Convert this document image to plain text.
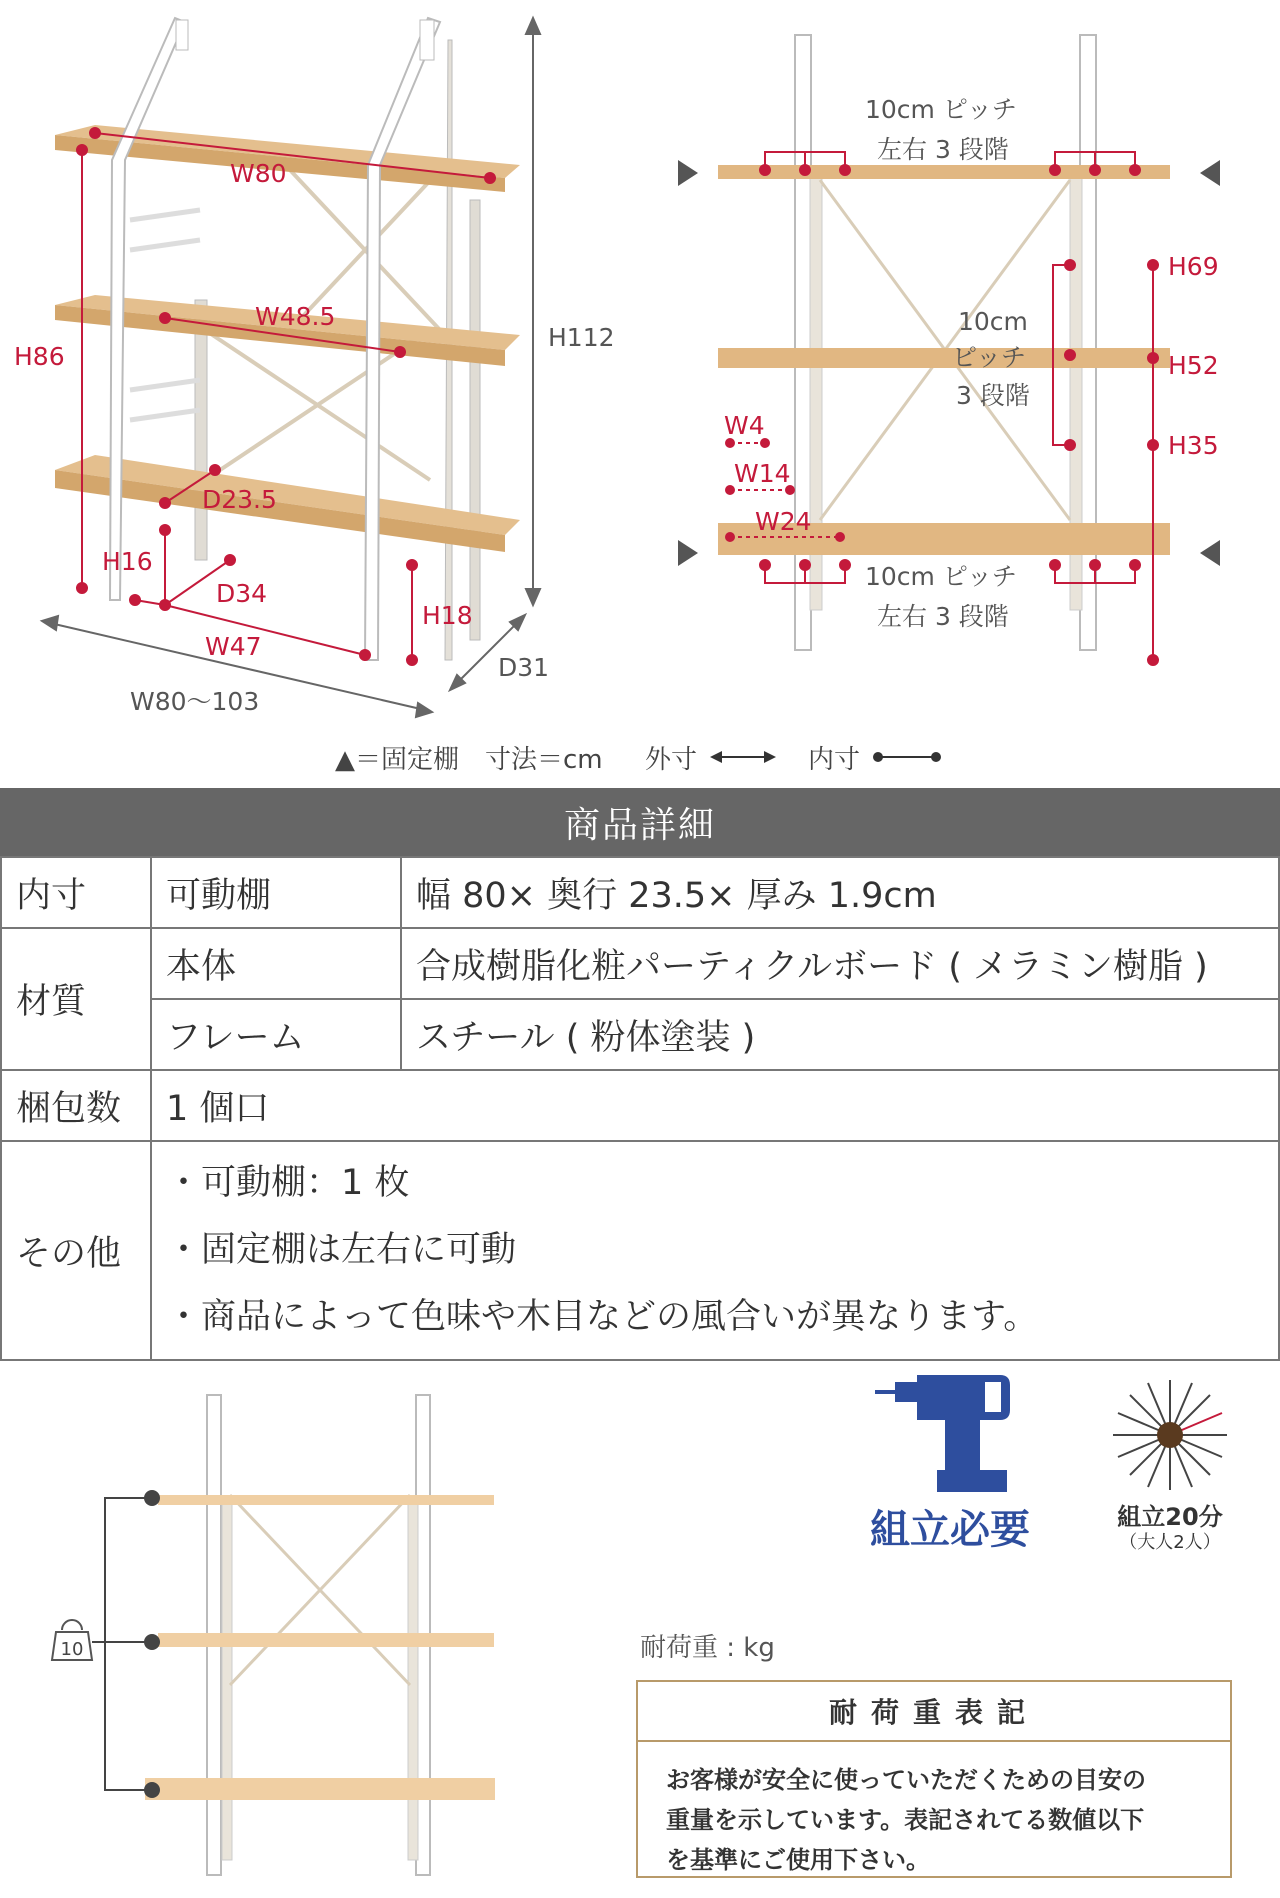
W80
W48.5
H86
H112
D23.5
H16
D34
W47
H18
D31
W80～103
10cm ピッチ
左右 3 段階
10cm
ピッチ
3 段階
10cm ピッチ
左右 3 段階
H69
H52
H35
W4
W14
W24
▲＝固定棚　寸法＝cm 外寸	内寸
商品詳細
内寸	可動棚	幅 80× 奥行 23.5× 厚み 1.9cm
材質	本体	合成樹脂化粧パーティクルボード ( メラミン樹脂 )
	フレーム	スチール ( 粉体塗装 )
梱包数	1 個口	
その他	・可動棚：1 枚
・固定棚は左右に可動
・商品によって色味や木目などの風合いが異なります。	
10
組立必要	組立20分
（大人2人）
耐荷重 : kg
耐荷重表記
お客様が安全に使っていただくための目安の
重量を示しています。表記されてる数値以下
を基準にご使用下さい。
